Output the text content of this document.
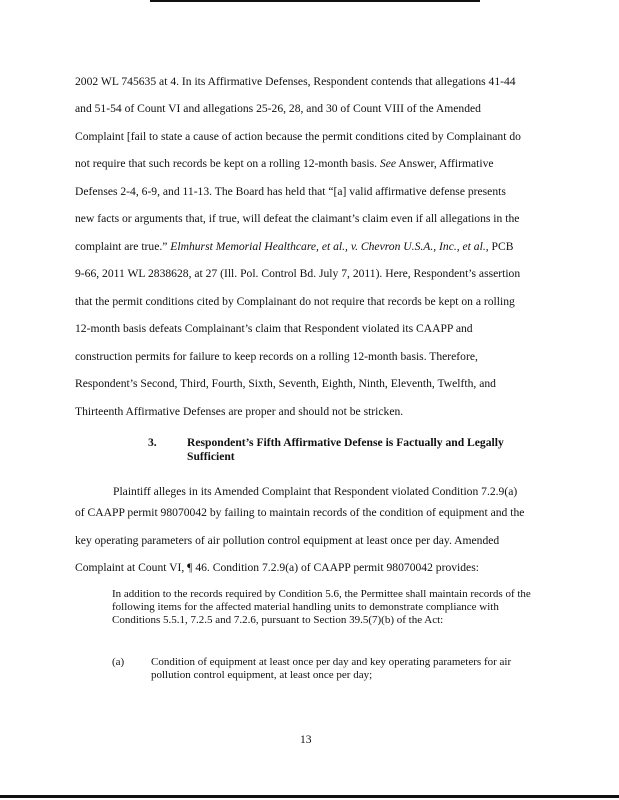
2002 WL 745635 at 4. In its Affirmative Defenses, Respondent contends that allegations 41-44
and 51-54 of Count VI and allegations 25-26, 28, and 30 of Count VIII of the Amended
Complaint [fail to state a cause of action because the permit conditions cited by Complainant do
not require that such records be kept on a rolling 12-month basis. See Answer, Affirmative
Defenses 2-4, 6-9, and 11-13. The Board has held that “[a] valid affirmative defense presents
new facts or arguments that, if true, will defeat the claimant’s claim even if all allegations in the
complaint are true.” Elmhurst Memorial Healthcare, et al., v. Chevron U.S.A., Inc., et al., PCB
9-66, 2011 WL 2838628, at 27 (Ill. Pol. Control Bd. July 7, 2011). Here, Respondent’s assertion
that the permit conditions cited by Complainant do not require that records be kept on a rolling
12-month basis defeats Complainant’s claim that Respondent violated its CAAPP and
construction permits for failure to keep records on a rolling 12-month basis. Therefore,
Respondent’s Second, Third, Fourth, Sixth, Seventh, Eighth, Ninth, Eleventh, Twelfth, and
Thirteenth Affirmative Defenses are proper and should not be stricken.
3.	Respondent’s Fifth Affirmative Defense is Factually and Legally Sufficient
Plaintiff alleges in its Amended Complaint that Respondent violated Condition 7.2.9(a)
of CAAPP permit 98070042 by failing to maintain records of the condition of equipment and the
key operating parameters of air pollution control equipment at least once per day. Amended
Complaint at Count VI, ¶ 46. Condition 7.2.9(a) of CAAPP permit 98070042 provides:
In addition to the records required by Condition 5.6, the Permittee shall maintain records of the following items for the affected material handling units to demonstrate compliance with Conditions 5.5.1, 7.2.5 and 7.2.6, pursuant to Section 39.5(7)(b) of the Act:
(a) Condition of equipment at least once per day and key operating parameters for air pollution control equipment, at least once per day;
13
